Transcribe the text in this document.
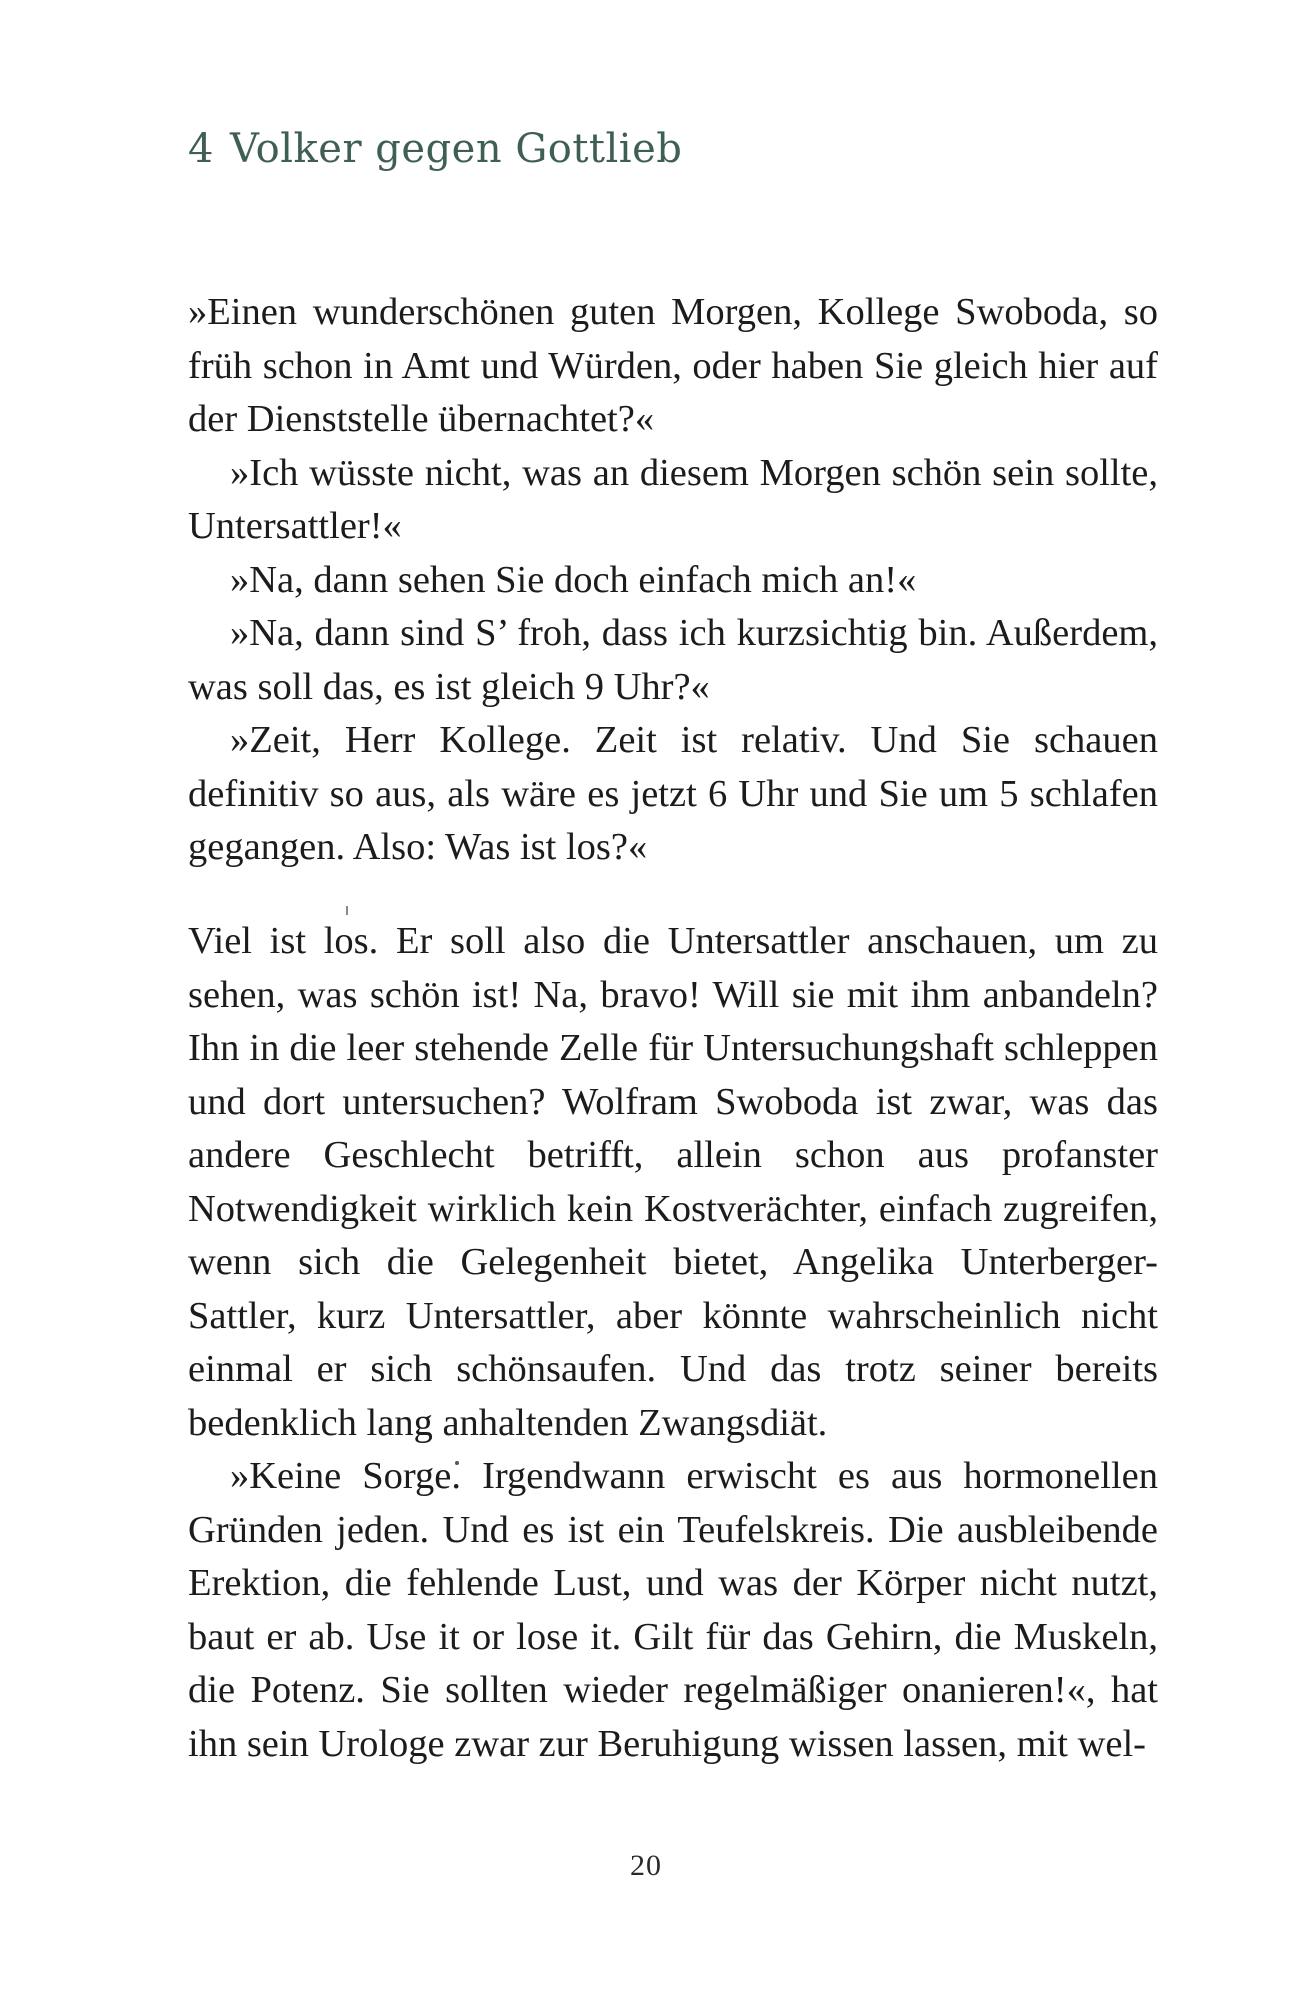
4 Volker gegen Gottlieb

»Einen wunderschönen guten Morgen, Kollege Swoboda, so früh schon in Amt und Würden, oder haben Sie gleich hier auf der Dienststelle übernachtet?«

»Ich wüsste nicht, was an diesem Morgen schön sein sollte, Untersattler!«

»Na, dann sehen Sie doch einfach mich an!«

»Na, dann sind S’ froh, dass ich kurzsichtig bin. Außerdem, was soll das, es ist gleich 9 Uhr?«

»Zeit, Herr Kollege. Zeit ist relativ. Und Sie schauen definitiv so aus, als wäre es jetzt 6 Uhr und Sie um 5 schlafen gegangen. Also: Was ist los?«

Viel ist los. Er soll also die Untersattler anschauen, um zu sehen, was schön ist! Na, bravo! Will sie mit ihm anbandeln? Ihn in die leer stehende Zelle für Untersuchungshaft schleppen und dort untersuchen? Wolfram Swoboda ist zwar, was das andere Geschlecht betrifft, allein schon aus profanster Notwendigkeit wirklich kein Kostverächter, einfach zugreifen, wenn sich die Gelegenheit bietet, Angelika Unterberger-Sattler, kurz Untersattler, aber könnte wahrscheinlich nicht einmal er sich schönsaufen. Und das trotz seiner bereits bedenklich lang anhaltenden Zwangsdiät.

»Keine Sorge. Irgendwann erwischt es aus hormonellen Gründen jeden. Und es ist ein Teufelskreis. Die ausbleibende Erektion, die fehlende Lust, und was der Körper nicht nutzt, baut er ab. Use it or lose it. Gilt für das Gehirn, die Muskeln, die Potenz. Sie sollten wieder regelmäßiger onanieren!«, hat ihn sein Urologe zwar zur Beruhigung wissen lassen, mit wel-

20
